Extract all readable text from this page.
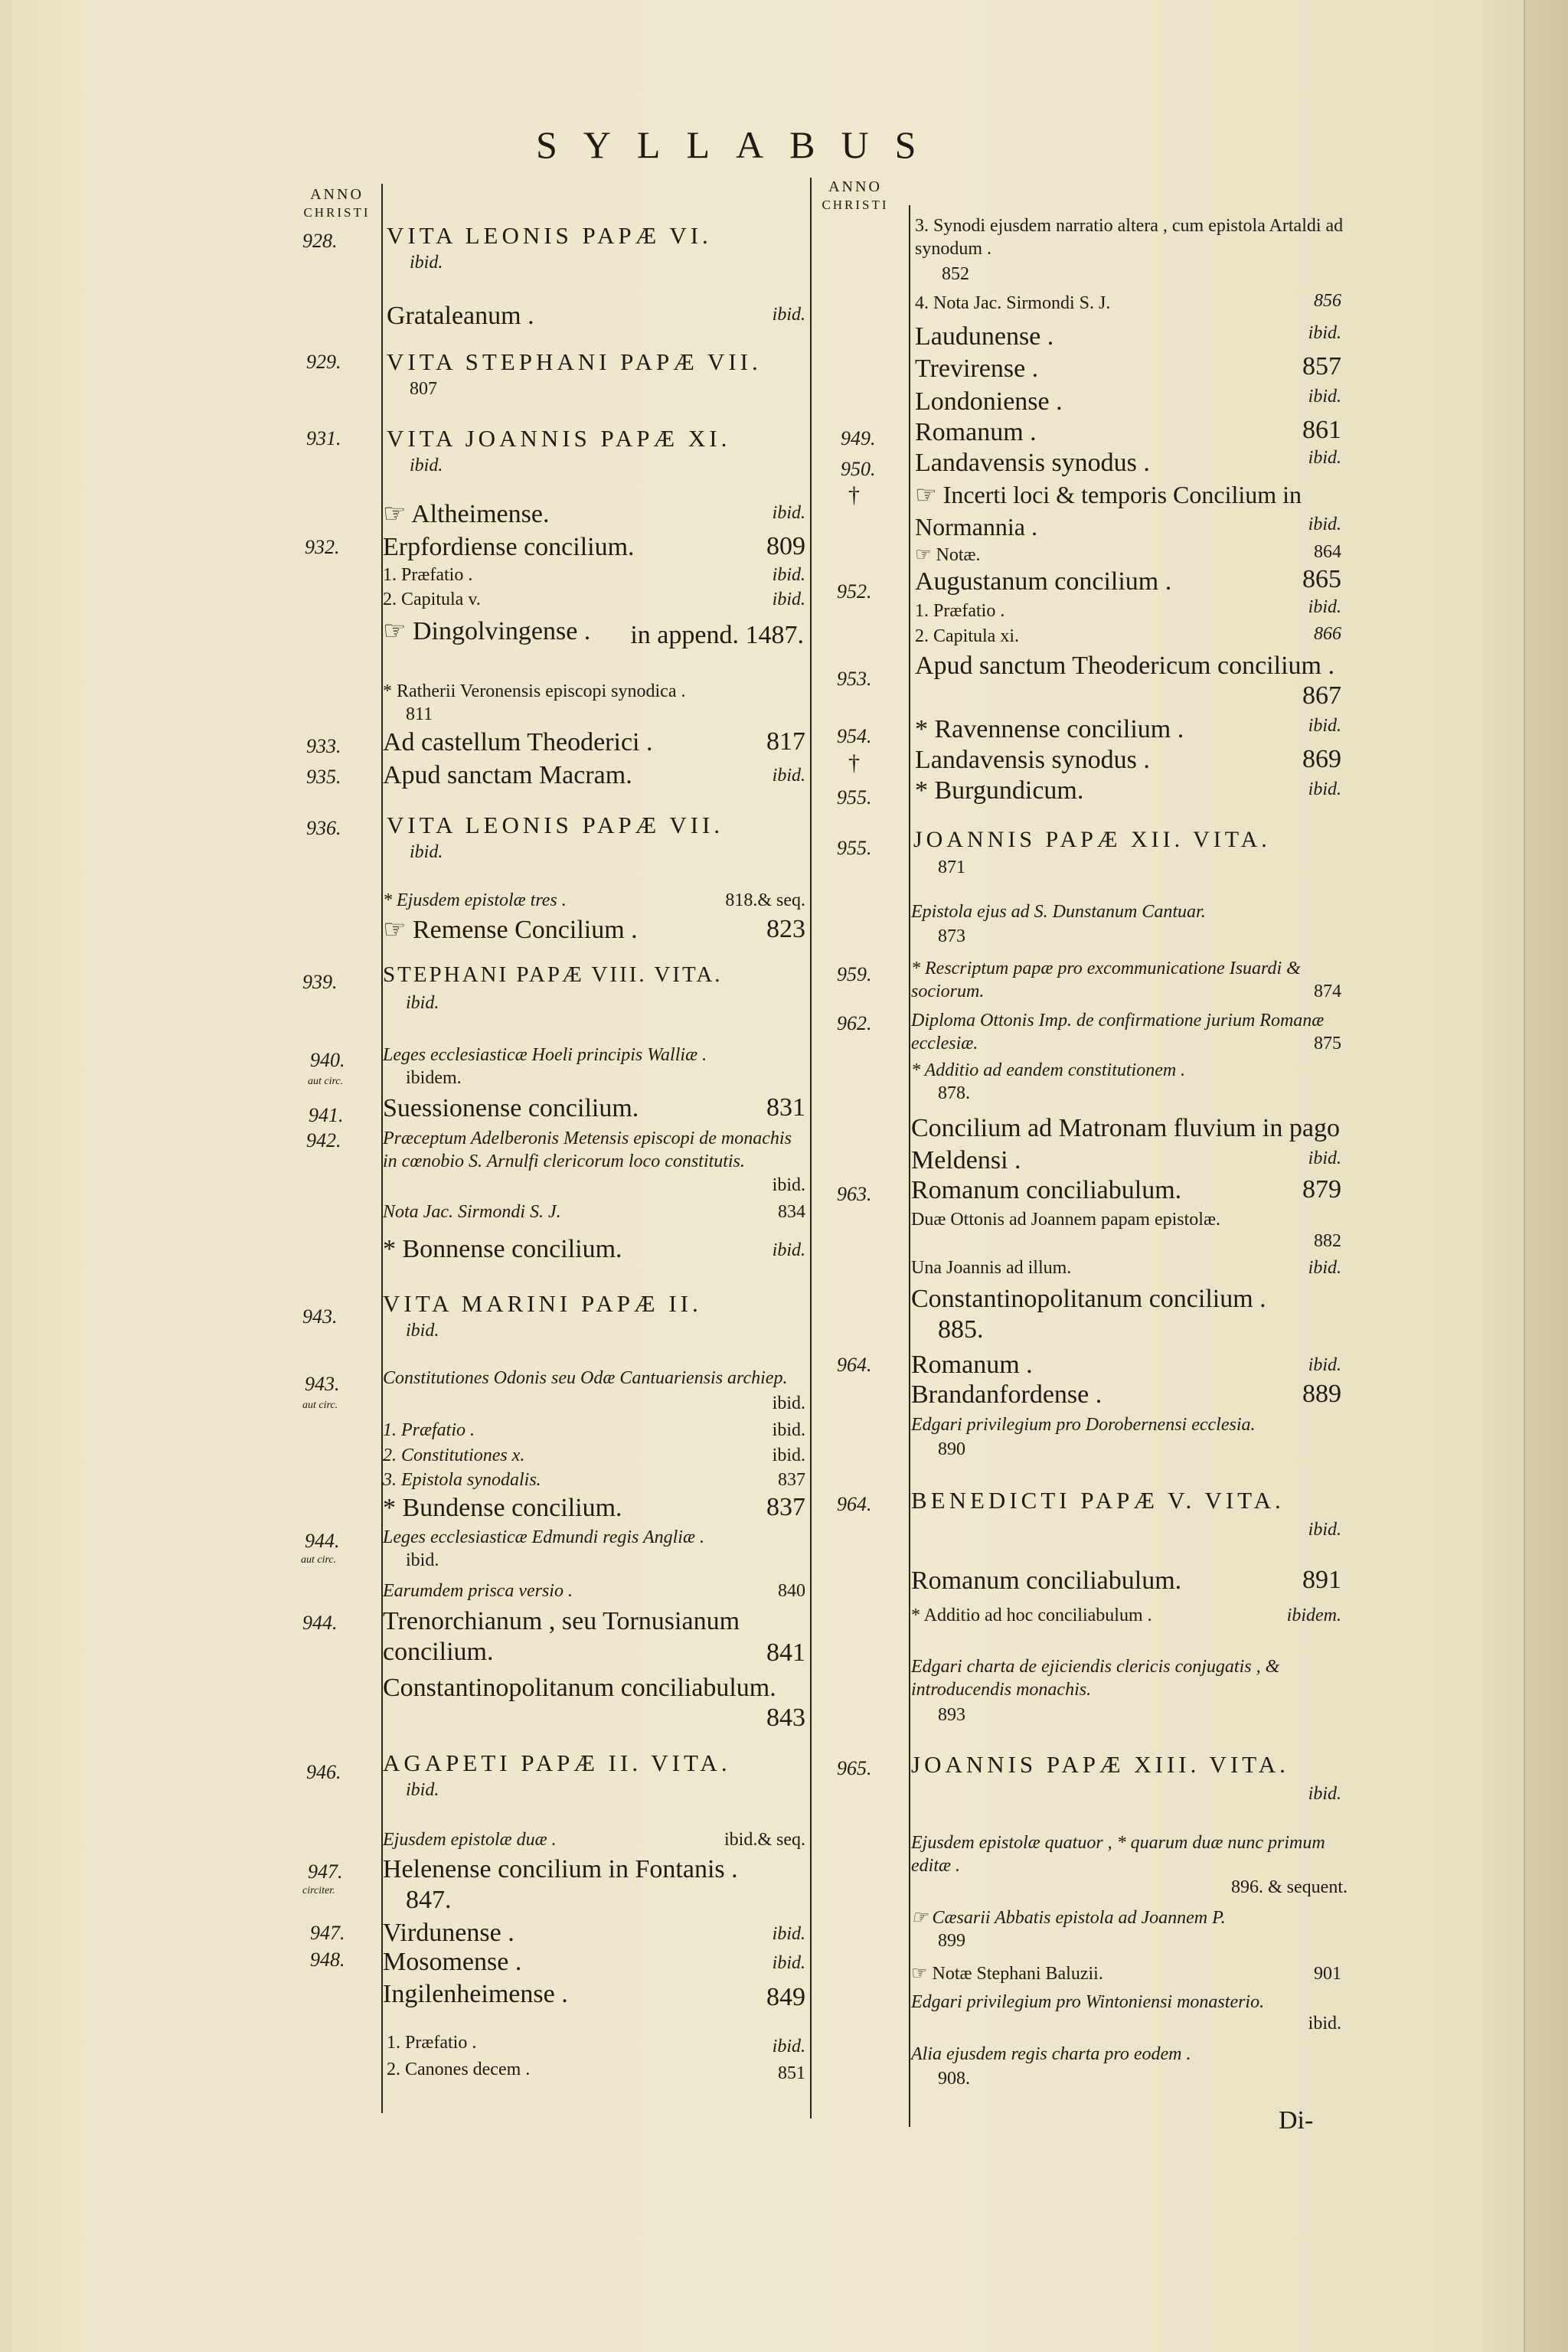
SYLLABUS
ANNO
CHRISTI
ANNO
CHRISTI
928. VITA LEONIS PAPÆ VI.
ibid.
Grataleanum .	ibid.
929. VITA STEPHANI PAPÆ VII.
807
931. VITA JOANNIS PAPÆ XI.
ibid.
☞ Altheimense.	ibid.
932. Erpfordiense concilium.	809
1. Præfatio .	ibid.
2. Capitula v.	ibid.
☞ Dingolvingense .	in append. 1487.
* Ratherii Veronensis episcopi synodica .
811
933. Ad castellum Theoderici .	817
935. Apud sanctam Macram.	ibid.
936. VITA LEONIS PAPÆ VII.
ibid.
* Ejusdem epistolæ tres .	818.& seq.
☞ Remense Concilium .	823
939. STEPHANI PAPÆ VIII. VITA.
ibid.
940.
aut circ.
Leges ecclesiasticæ Hoeli principis Walliæ .
ibidem.
941. Suessionense concilium.	831
942. Præceptum Adelberonis Metensis episcopi de monachis in cœnobio S. Arnulfi clericorum loco constitutis.
ibid.
Nota Jac. Sirmondi S. J.	834
* Bonnense concilium.	ibid.
943. VITA MARINI PAPÆ II.
ibid.
943.
aut circ.
Constitutiones Odonis seu Odæ Cantuariensis archiep.
ibid.
1. Præfatio .	ibid.
2. Constitutiones x.	ibid.
3. Epistola synodalis.	837
* Bundense concilium.	837
944.
aut circ.
Leges ecclesiasticæ Edmundi regis Angliæ .
ibid.
Earumdem prisca versio .	840
944. Trenorchianum , seu Tornusianum concilium.	841
Constantinopolitanum conciliabulum.
843
946. AGAPETI PAPÆ II. VITA.
ibid.
Ejusdem epistolæ duæ .	ibid.& seq.
947.
circiter.
Helenense concilium in Fontanis .
847.
947. Virdunense .	ibid.
948. Mosomense .	ibid.
Ingilenheimense .	849
1. Præfatio .	ibid.
2. Canones decem .	851
3. Synodi ejusdem narratio altera , cum epistola Artaldi ad synodum .
852
4. Nota Jac. Sirmondi S. J.	856
Laudunense .	ibid.
Trevirense .	857
Londoniense .	ibid.
949. Romanum .	861
950. Landavensis synodus .	ibid.
† ☞ Incerti loci & temporis Concilium in Normannia .	ibid.
☞ Notæ.	864
952. Augustanum concilium .	865
1. Præfatio .	ibid.
2. Capitula xi.	866
953. Apud sanctum Theodericum concilium .
867
954. * Ravennense concilium .	ibid.
† Landavensis synodus .	869
955. * Burgundicum.	ibid.
955. JOANNIS PAPÆ XII. VITA.
871
Epistola ejus ad S. Dunstanum Cantuar.
873
959. * Rescriptum papæ pro excommunicatione Isuardi & sociorum.	874
962. Diploma Ottonis Imp. de confirmatione jurium Romanæ ecclesiæ.	875
* Additio ad eandem constitutionem .
878.
Concilium ad Matronam fluvium in pago Meldensi .	ibid.
963. Romanum conciliabulum.	879
Duæ Ottonis ad Joannem papam epistolæ.
882
Una Joannis ad illum.	ibid.
Constantinopolitanum concilium .
885.
964. Romanum .	ibid.
Brandanfordense .	889
Edgari privilegium pro Dorobernensi ecclesia.
890
964. BENEDICTI PAPÆ V. VITA.
ibid.
Romanum conciliabulum.	891
* Additio ad hoc conciliabulum .	ibidem.
Edgari charta de ejiciendis clericis conjugatis , & introducendis monachis.
893
965. JOANNIS PAPÆ XIII. VITA.
ibid.
Ejusdem epistolæ quatuor , * quarum duæ nunc primum editæ .
896. & sequent.
☞ Cæsarii Abbatis epistola ad Joannem P.
899
☞ Notæ Stephani Baluzii.	901
Edgari privilegium pro Wintoniensi monasterio.
ibid.
Alia ejusdem regis charta pro eodem .
908.
Di-
